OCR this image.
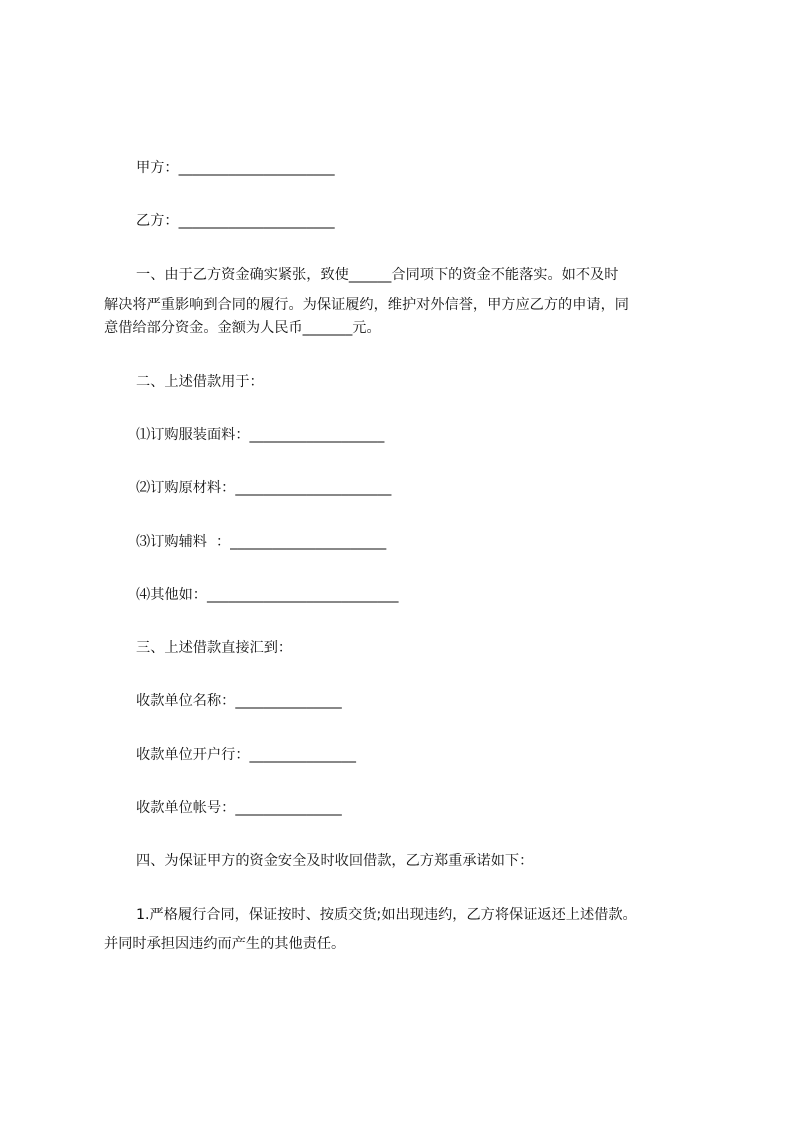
甲方：______________________
乙方：______________________
一、由于乙方资金确实紧张，致使______合同项下的资金不能落实。如不及时
解决将严重影响到合同的履行。为保证履约，维护对外信誉，甲方应乙方的申请，同
意借给部分资金。金额为人民币_______元。
二、上述借款用于：
⑴订购服装面料：___________________
⑵订购原材料：______________________
⑶订购辅料  ：______________________
⑷其他如：___________________________
三、上述借款直接汇到：
收款单位名称：_______________
收款单位开户行：_______________
收款单位帐号：_______________
四、为保证甲方的资金安全及时收回借款，乙方郑重承诺如下：
1.严格履行合同，保证按时、按质交货;如出现违约，乙方将保证返还上述借款。
并同时承担因违约而产生的其他责任。
